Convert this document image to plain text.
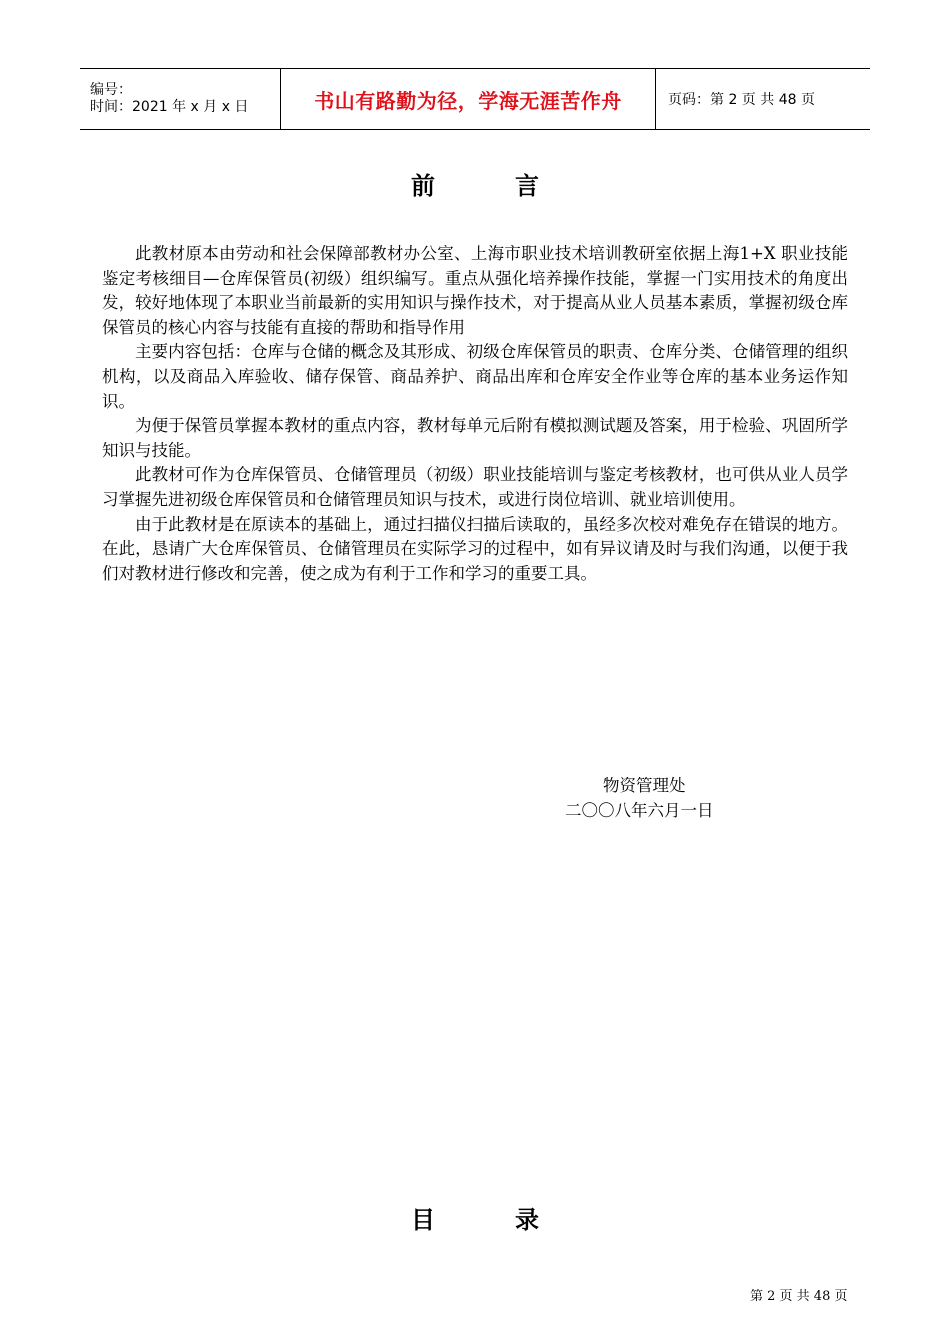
编号：
时间：2021 年 x 月 x 日	书山有路勤为径，学海无涯苦作舟	页码：第 2 页 共 48 页
前言

此教材原本由劳动和社会保障部教材办公室、上海市职业技术培训教研室依据上海1+X 职业技能鉴定考核细目—仓库保管员(初级）组织编写。重点从强化培养操作技能，掌握一门实用技术的角度出发，较好地体现了本职业当前最新的实用知识与操作技术，对于提高从业人员基本素质，掌握初级仓库保管员的核心内容与技能有直接的帮助和指导作用

主要内容包括：仓库与仓储的概念及其形成、初级仓库保管员的职责、仓库分类、仓储管理的组织机构，以及商品入库验收、储存保管、商品养护、商品出库和仓库安全作业等仓库的基本业务运作知识。

为便于保管员掌握本教材的重点内容，教材每单元后附有模拟测试题及答案，用于检验、巩固所学知识与技能。

此教材可作为仓库保管员、仓储管理员（初级）职业技能培训与鉴定考核教材，也可供从业人员学习掌握先进初级仓库保管员和仓储管理员知识与技术，或进行岗位培训、就业培训使用。

由于此教材是在原读本的基础上，通过扫描仪扫描后读取的，虽经多次校对难免存在错误的地方。在此，恳请广大仓库保管员、仓储管理员在实际学习的过程中，如有异议请及时与我们沟通，以便于我们对教材进行修改和完善，使之成为有利于工作和学习的重要工具。

物资管理处
二〇〇八年六月一日
目录
第 2 页 共 48 页
